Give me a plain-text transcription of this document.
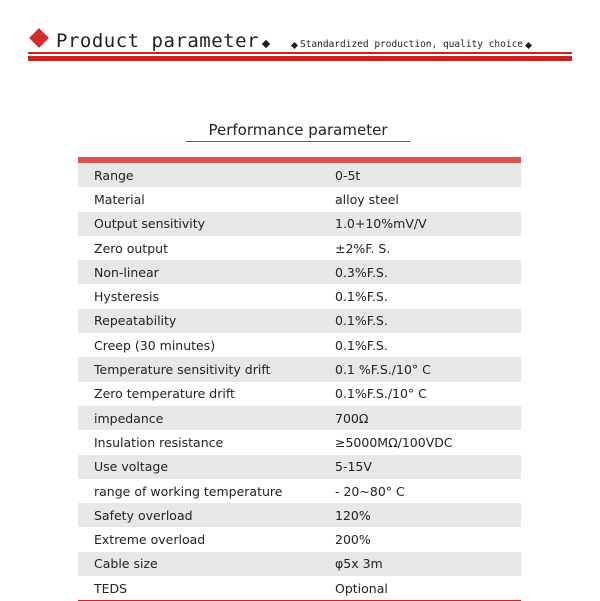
Product parameter	Standardized production, quality choice
Performance parameter
Range	0-5t
Material	alloy steel
Output sensitivity	1.0+10%mV/V
Zero output	±2%F. S.
Non-linear	0.3%F.S.
Hysteresis	0.1%F.S.
Repeatability	0.1%F.S.
Creep (30 minutes)	0.1%F.S.
Temperature sensitivity drift	0.1 %F.S./10° C
Zero temperature drift	0.1%F.S./10° C
impedance	700Ω
Insulation resistance	≥5000MΩ/100VDC
Use voltage	5-15V
range of working temperature	- 20~80° C
Safety overload	120%
Extreme overload	200%
Cable size	φ5x 3m
TEDS	Optional
